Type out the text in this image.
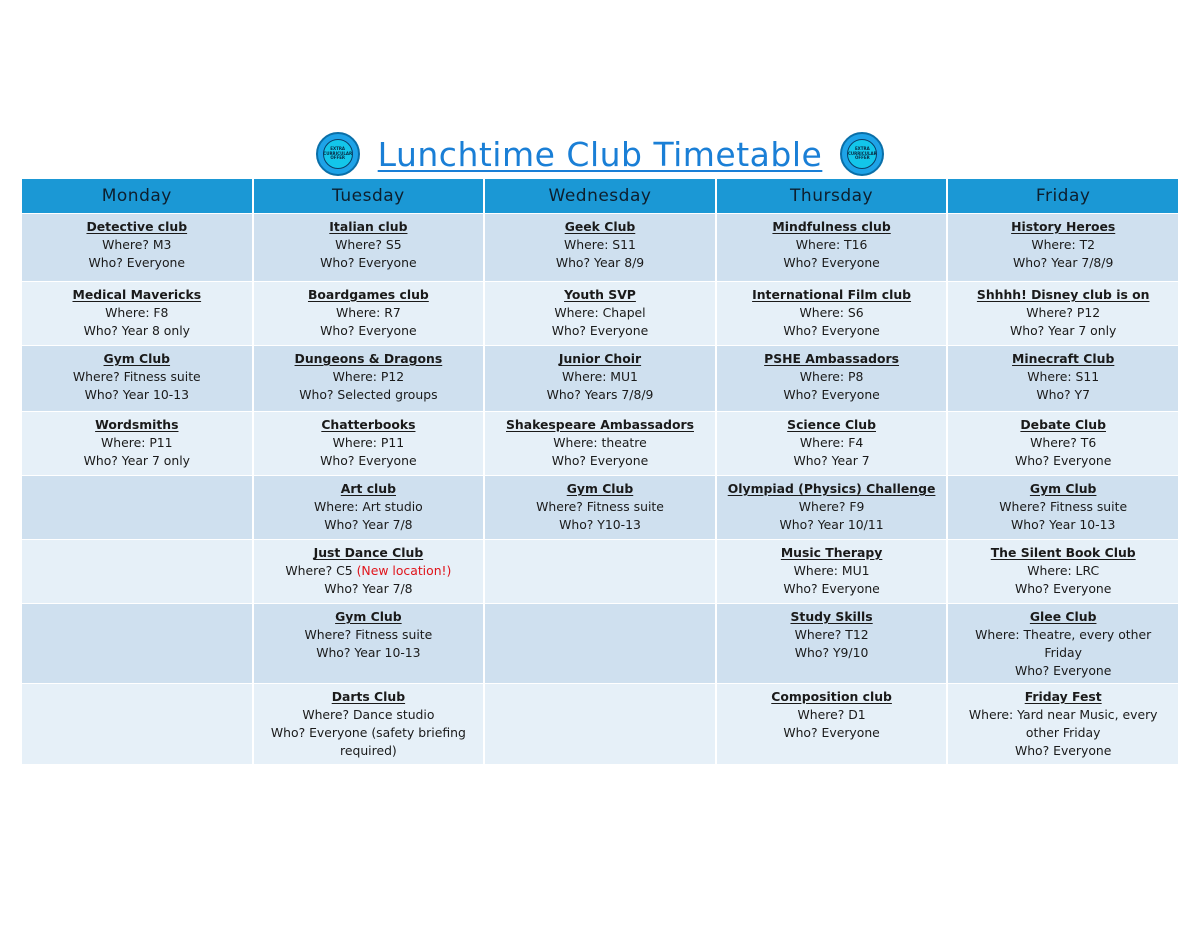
EXTRA
CURRICULAR
OFFER Lunchtime Club Timetable	EXTRA
CURRICULAR
OFFER
Monday	Tuesday	Wednesday	Thursday	Friday

Detective club
Where? M3
Who? Everyone	Italian club
Where? S5
Who? Everyone	Geek Club
Where: S11
Who? Year 8/9	Mindfulness club
Where: T16
Who? Everyone	History Heroes
Where: T2
Who? Year 7/8/9

Medical Mavericks
Where: F8
Who? Year 8 only	Boardgames club
Where: R7
Who? Everyone	Youth SVP
Where: Chapel
Who? Everyone	International Film club
Where: S6
Who? Everyone	Shhhh! Disney club is on
Where? P12
Who? Year 7 only

Gym Club
Where? Fitness suite
Who? Year 10-13	Dungeons & Dragons
Where: P12
Who? Selected groups	Junior Choir
Where: MU1
Who? Years 7/8/9	PSHE Ambassadors
Where: P8
Who? Everyone	Minecraft Club
Where: S11
Who? Y7

Wordsmiths
Where: P11
Who? Year 7 only	Chatterbooks
Where: P11
Who? Everyone	Shakespeare Ambassadors
Where: theatre
Who? Everyone	Science Club
Where: F4
Who? Year 7	Debate Club
Where? T6
Who? Everyone

	Art club
Where: Art studio
Who? Year 7/8	Gym Club
Where? Fitness suite
Who? Y10-13	Olympiad (Physics) Challenge
Where? F9
Who? Year 10/11	Gym Club
Where? Fitness suite
Who? Year 10-13

	Just Dance Club
Where? C5 (New location!)
Who? Year 7/8		Music Therapy
Where: MU1
Who? Everyone	The Silent Book Club
Where: LRC
Who? Everyone

	Gym Club
Where? Fitness suite
Who? Year 10-13		Study Skills
Where? T12
Who? Y9/10	Glee Club
Where: Theatre, every other Friday
Who? Everyone

	Darts Club
Where? Dance studio
Who? Everyone (safety briefing required)		Composition club
Where? D1
Who? Everyone	Friday Fest
Where: Yard near Music, every other Friday
Who? Everyone
